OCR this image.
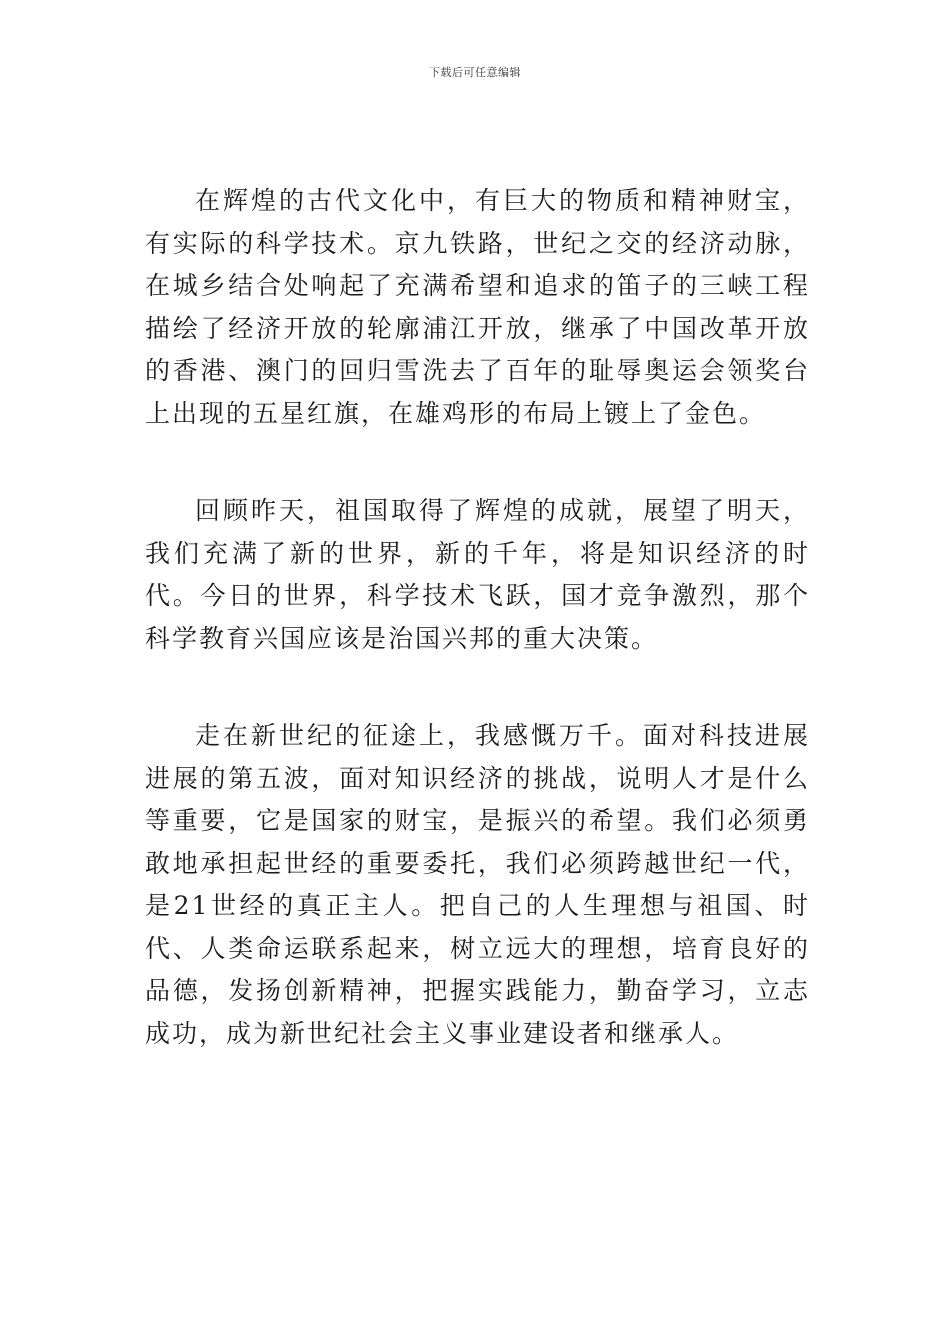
下载后可任意编辑

在辉煌的古代文化中，有巨大的物质和精神财宝，有实际的科学技术。京九铁路，世纪之交的经济动脉，在城乡结合处响起了充满希望和追求的笛子的三峡工程描绘了经济开放的轮廓浦江开放，继承了中国改革开放的香港、澳门的回归雪洗去了百年的耻辱奥运会领奖台上出现的五星红旗，在雄鸡形的布局上镀上了金色。

回顾昨天，祖国取得了辉煌的成就，展望了明天，我们充满了新的世界，新的千年，将是知识经济的时代。今日的世界，科学技术飞跃，国才竞争激烈，那个科学教育兴国应该是治国兴邦的重大决策。

走在新世纪的征途上，我感慨万千。面对科技进展进展的第五波，面对知识经济的挑战，说明人才是什么等重要，它是国家的财宝，是振兴的希望。我们必须勇敢地承担起世经的重要委托，我们必须跨越世纪一代，是21世经的真正主人。把自己的人生理想与祖国、时代、人类命运联系起来，树立远大的理想，培育良好的品德，发扬创新精神，把握实践能力，勤奋学习，立志成功，成为新世纪社会主义事业建设者和继承人。
